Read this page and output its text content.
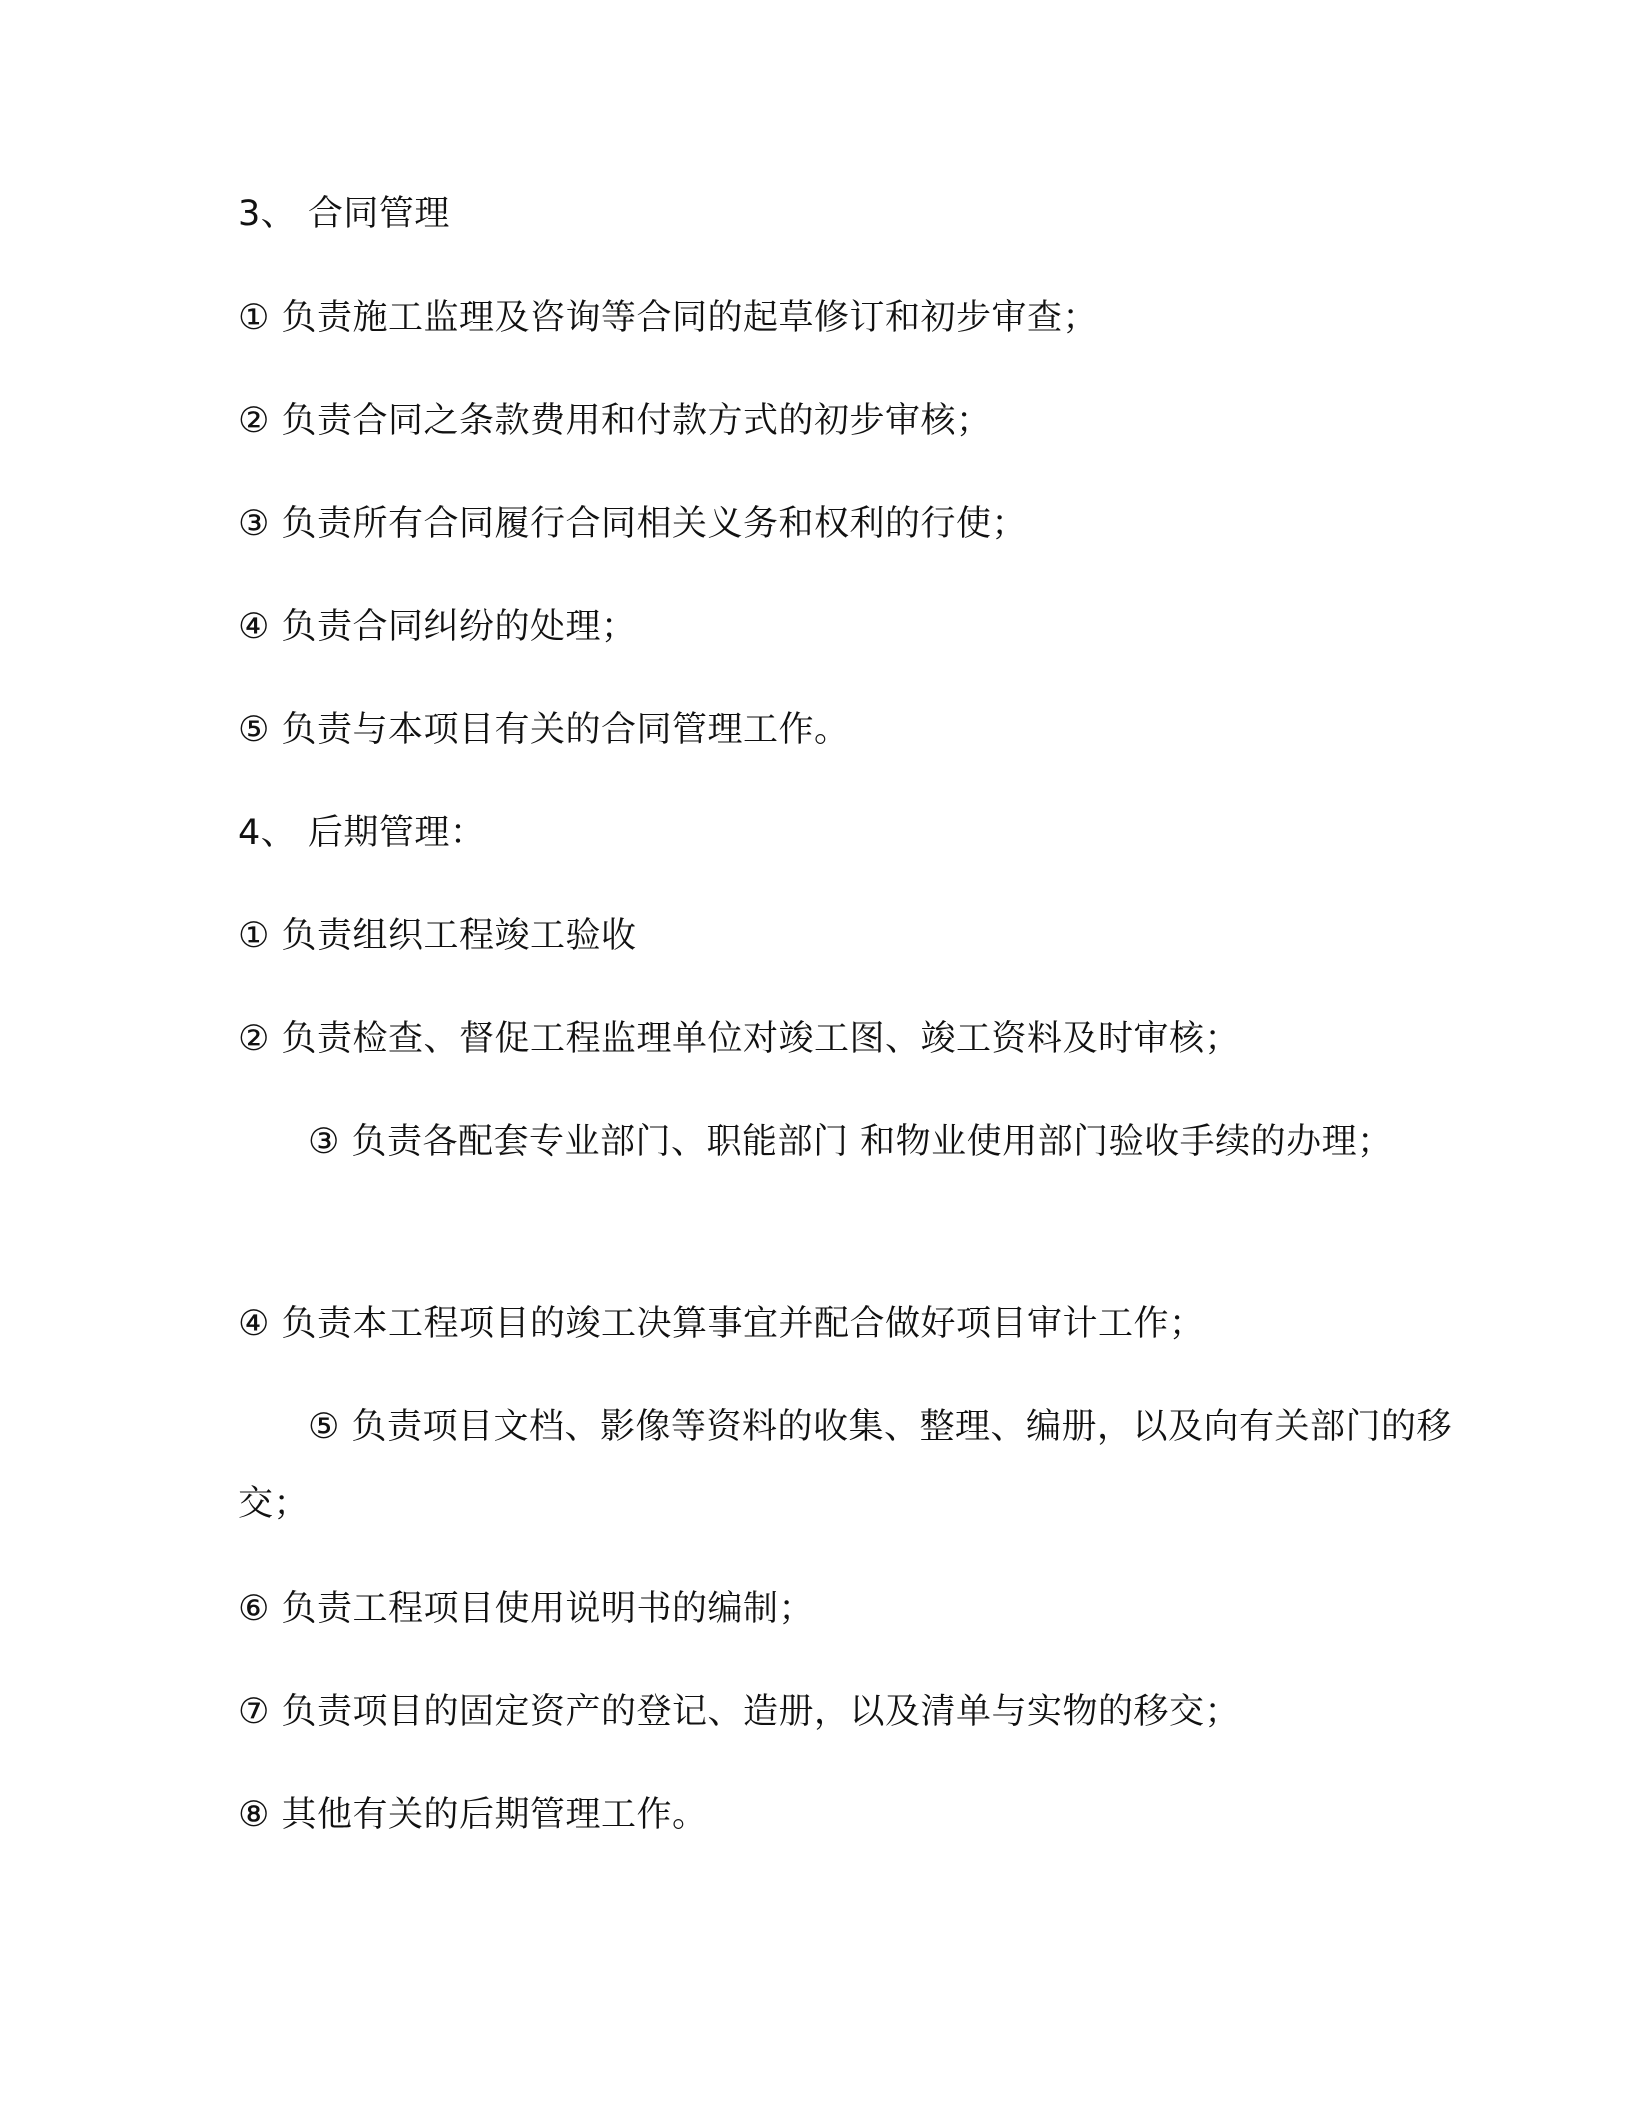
3、 合同管理

① 负责施工监理及咨询等合同的起草修订和初步审查；

② 负责合同之条款费用和付款方式的初步审核；

③ 负责所有合同履行合同相关义务和权利的行使；

④ 负责合同纠纷的处理；

⑤ 负责与本项目有关的合同管理工作。

4、 后期管理：

① 负责组织工程竣工验收

② 负责检查、督促工程监理单位对竣工图、竣工资料及时审核；

③ 负责各配套专业部门、职能部门 和物业使用部门验收手续的办理；

④ 负责本工程项目的竣工决算事宜并配合做好项目审计工作；

⑤ 负责项目文档、影像等资料的收集、整理、编册，以及向有关部门的移交；

⑥ 负责工程项目使用说明书的编制；

⑦ 负责项目的固定资产的登记、造册，以及清单与实物的移交；

⑧ 其他有关的后期管理工作。
